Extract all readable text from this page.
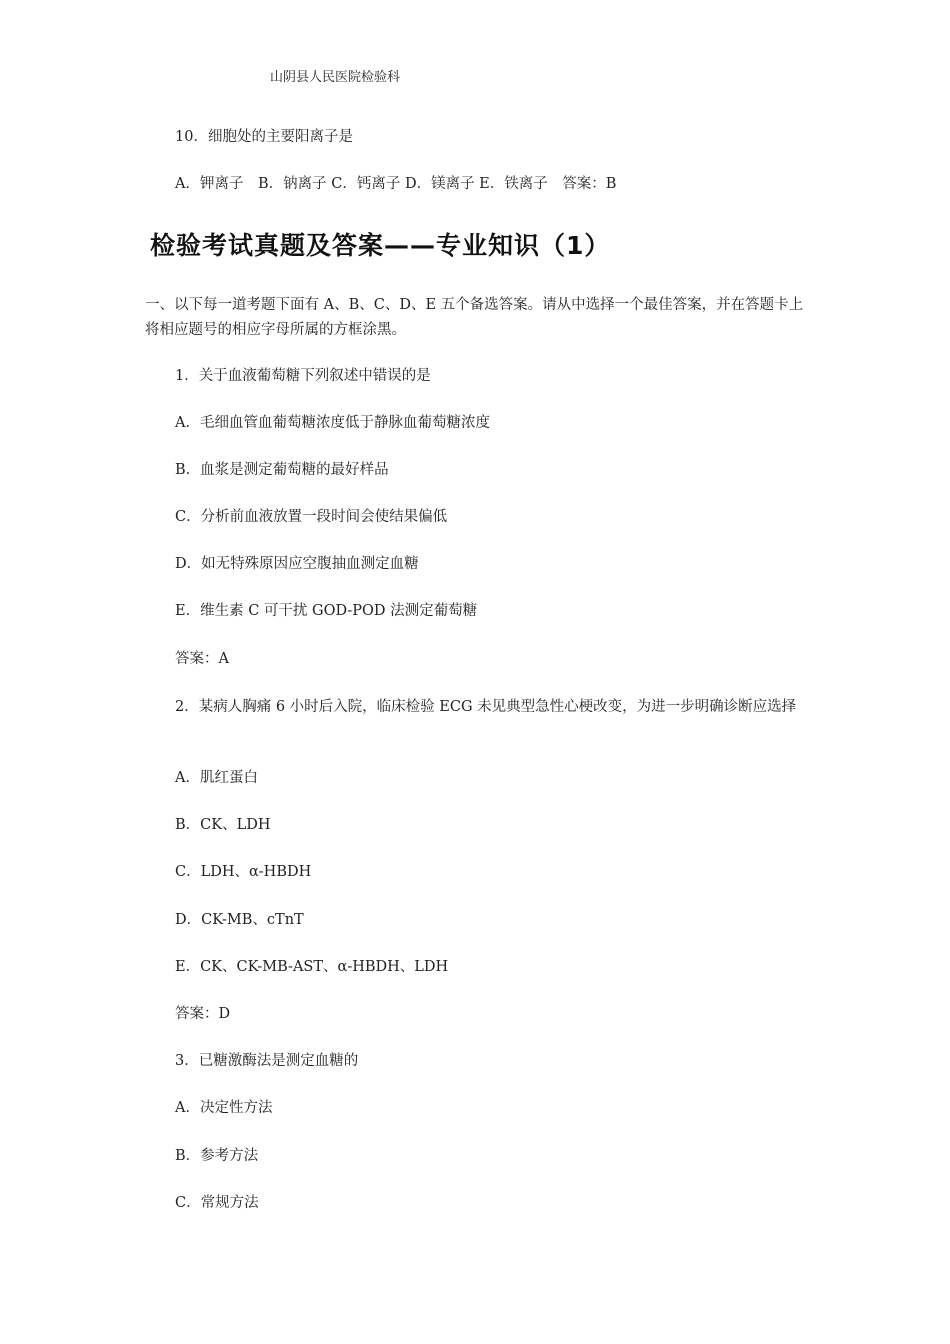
山阴县人民医院检验科
10．细胞处的主要阳离子是
A．钾离子　B．钠离子 C．钙离子 D．镁离子 E．铁离子　答案：B
检验考试真题及答案——专业知识（1）
一、以下每一道考题下面有 A、B、C、D、E 五个备选答案。请从中选择一个最佳答案，并在答题卡上将相应题号的相应字母所属的方框涂黑。
1．关于血液葡萄糖下列叙述中错误的是
A．毛细血管血葡萄糖浓度低于静脉血葡萄糖浓度
B．血浆是测定葡萄糖的最好样品
C．分析前血液放置一段时间会使结果偏低
D．如无特殊原因应空腹抽血测定血糖
E．维生素 C 可干扰 GOD-POD 法测定葡萄糖
答案：A
2．某病人胸痛 6 小时后入院，临床检验 ECG 未见典型急性心梗改变，为进一步明确诊断应选择
A．肌红蛋白
B．CK、LDH
C．LDH、α-HBDH
D．CK-MB、cTnT
E．CK、CK-MB-AST、α-HBDH、LDH
答案：D
3．已糖激酶法是测定血糖的
A．决定性方法
B．参考方法
C．常规方法
